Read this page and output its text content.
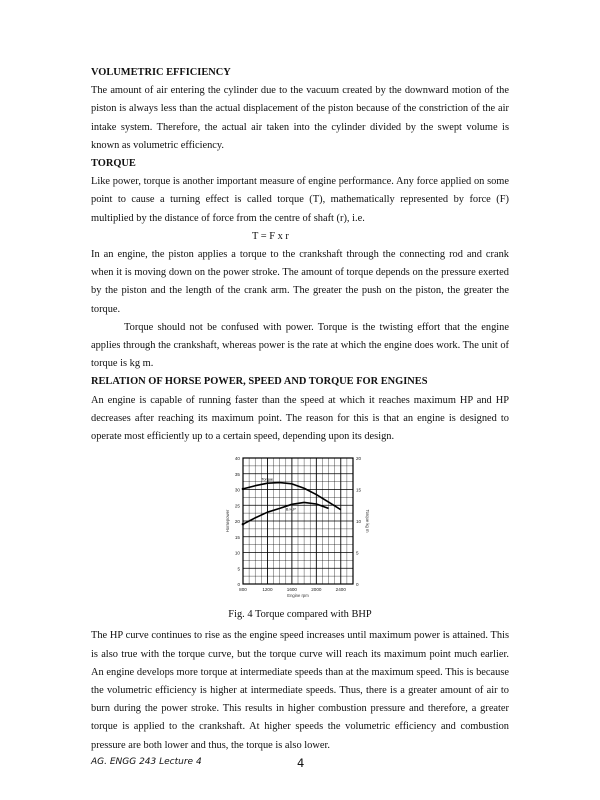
VOLUMETRIC EFFICIENCY

The amount of air entering the cylinder due to the vacuum created by the downward motion of the piston is always less than the actual displacement of the piston because of the constriction of the air intake system. Therefore, the actual air taken into the cylinder divided by the swept volume is known as volumetric efficiency.

TORQUE

Like power, torque is another important measure of engine performance. Any force applied on some point to cause a turning effect is called torque (T), mathematically represented by force (F) multiplied by the distance of force from the centre of shaft (r), i.e.

T = F x r

In an engine, the piston applies a torque to the crankshaft through the connecting rod and crank when it is moving down on the power stroke. The amount of torque depends on the pressure exerted by the piston and the length of the crank arm. The greater the push on the piston, the greater the torque.

Torque should not be confused with power. Torque is the twisting effort that the engine applies through the crankshaft, whereas power is the rate at which the engine does work. The unit of torque is kg m.

RELATION OF HORSE POWER, SPEED AND TORQUE FOR ENGINES

An engine is capable of running faster than the speed at which it reaches maximum HP and HP decreases after reaching its maximum point. The reason for this is that an engine is designed to operate most efficiently up to a certain speed, depending upon its design.

40
35
30
25
20
15
10
5
0
20
15
10
5
0
800	1200	1600	2000	2400
Engine rpm
Horsepower	Torque kg m
Torque
B.H.P

Fig. 4 Torque compared with BHP

The HP curve continues to rise as the engine speed increases until maximum power is attained. This is also true with the torque curve, but the torque curve will reach its maximum point much earlier. An engine develops more torque at intermediate speeds than at the maximum speed. This is because the volumetric efficiency is higher at intermediate speeds. Thus, there is a greater amount of air to burn during the power stroke. This results in higher combustion pressure and therefore, a greater torque is applied to the crankshaft. At higher speeds the volumetric efficiency and combustion pressure are both lower and thus, the torque is also lower.

AG. ENGG 243 Lecture 4	4
